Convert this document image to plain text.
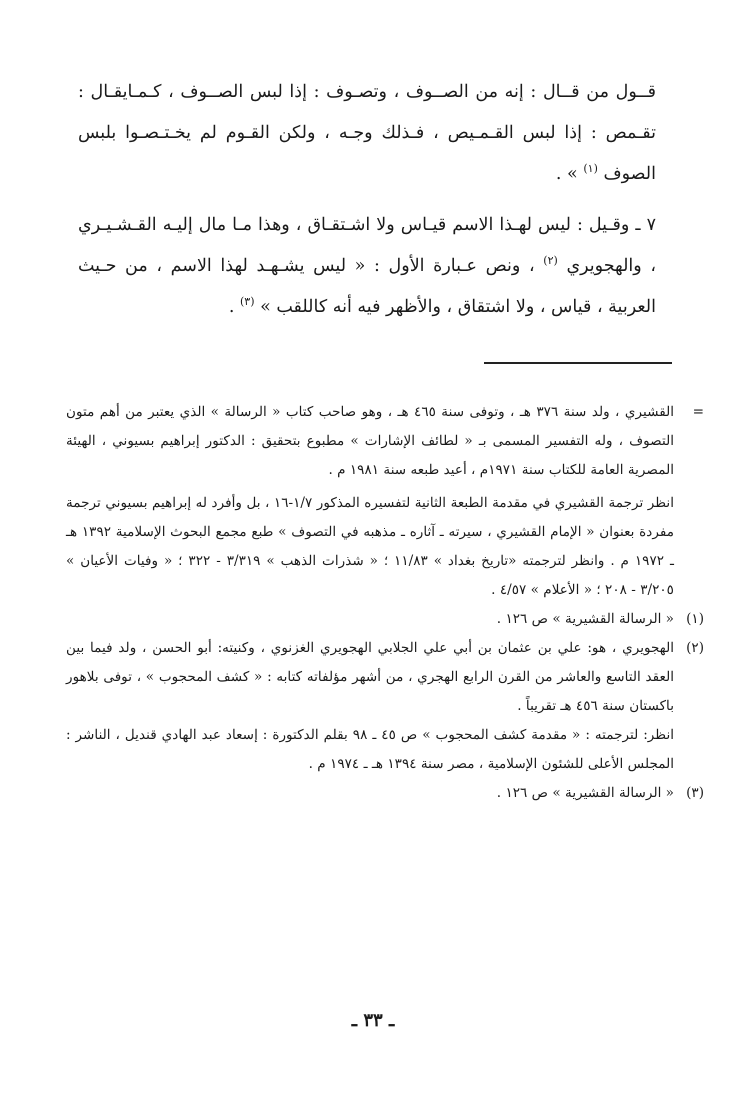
قــول من قــال : إنه من الصــوف ، وتصـوف : إذا لبس الصــوف ، كـمـايقـال : تقـمص : إذا لبس القـمـيص ، فـذلك وجـه ، ولكن القـوم لم يخـتـصـوا بلبس الصوف $^{(١)}$ » .

٧ ـ وقـيل : ليس لهـذا الاسم قيـاس ولا اشـتقـاق ، وهذا مـا مال إليـه القـشـيـري ، والهجويري $^{(٢)}$ ، ونص عـبارة الأول : « ليس يشـهـد لهذا الاسم ، من حـيث العربية ، قياس ، ولا اشتقاق ، والأظهر فيه أنه كاللقب » $^{(٣)}$ .

=
القشيري ، ولد سنة ٣٧٦ هـ ، وتوفى سنة ٤٦٥ هـ ، وهو صاحب كتاب « الرسالة » الذي يعتبر من أهم متون التصوف ، وله التفسير المسمى بـ « لطائف الإشارات » مطبوع بتحقيق : الدكتور إبراهيم بسيوني ، الهيئة المصرية العامة للكتاب سنة ١٩٧١م ، أعيد طبعه سنة ١٩٨١ م .

انظر ترجمة القشيري في مقدمة الطبعة الثانية لتفسيره المذكور ١/٧-١٦ ، بل وأفرد له إبراهيم بسيوني ترجمة مفردة بعنوان « الإمام القشيري ، سيرته ـ آثاره ـ مذهبه في التصوف » طبع مجمع البحوث الإسلامية ١٣٩٢ هـ ـ ١٩٧٢ م . وانظر لترجمته «تاريخ بغداد » ١١/٨٣ ؛ « شذرات الذهب » ٣/٣١٩ - ٣٢٢ ؛ « وفيات الأعيان » ٣/٢٠٥ - ٢٠٨ ؛ « الأعلام » ٤/٥٧ .

(١)
« الرسالة القشيرية » ص ١٢٦ .

(٢)
الهجويري ، هو: علي بن عثمان بن أبي علي الجلابي الهجويري الغزنوي ، وكنيته: أبو الحسن ، ولد فيما بين العقد التاسع والعاشر من القرن الرابع الهجري ، من أشهر مؤلفاته كتابه : « كشف المحجوب » ، توفى بلاهور باكستان سنة ٤٥٦ هـ تقريباً .

انظر: لترجمته : « مقدمة كشف المحجوب » ص ٤٥ ـ ٩٨ بقلم الدكتورة : إسعاد عبد الهادي قنديل ، الناشر : المجلس الأعلى للشئون الإسلامية ، مصر سنة ١٣٩٤ هـ ـ ١٩٧٤ م .

(٣)
« الرسالة القشيرية » ص ١٢٦ .

ـ ٣٣ ـ
